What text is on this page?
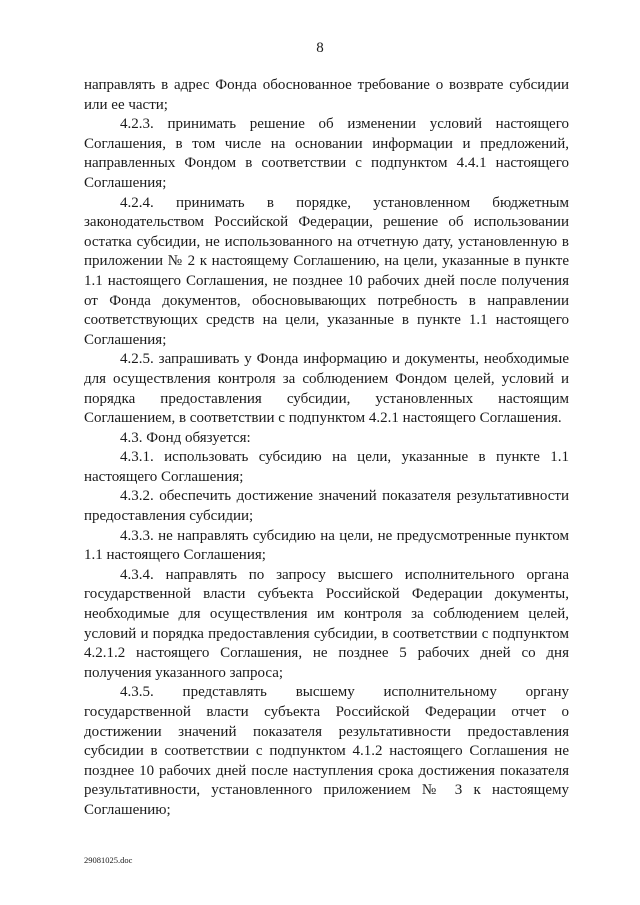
8

направлять в адрес Фонда обоснованное требование о возврате субсидии или ее части;

4.2.3. принимать решение об изменении условий настоящего Соглашения, в том числе на основании информации и предложений, направленных Фондом в соответствии с подпунктом 4.4.1 настоящего Соглашения;

4.2.4. принимать в порядке, установленном бюджетным законодательством Российской Федерации, решение об использовании остатка субсидии, не использованного на отчетную дату, установленную в приложении № 2 к настоящему Соглашению, на цели, указанные в пункте 1.1 настоящего Соглашения, не позднее 10 рабочих дней после получения от Фонда документов, обосновывающих потребность в направлении соответствующих средств на цели, указанные в пункте 1.1 настоящего Соглашения;

4.2.5. запрашивать у Фонда информацию и документы, необходимые для осуществления контроля за соблюдением Фондом целей, условий и порядка предоставления субсидии, установленных настоящим Соглашением, в соответствии с подпунктом 4.2.1 настоящего Соглашения.

4.3. Фонд обязуется:

4.3.1. использовать субсидию на цели, указанные в пункте 1.1 настоящего Соглашения;

4.3.2. обеспечить достижение значений показателя результативности предоставления субсидии;

4.3.3. не направлять субсидию на цели, не предусмотренные пунктом 1.1 настоящего Соглашения;

4.3.4. направлять по запросу высшего исполнительного органа государственной власти субъекта Российской Федерации документы, необходимые для осуществления им контроля за соблюдением целей, условий и порядка предоставления субсидии, в соответствии с подпунктом 4.2.1.2 настоящего Соглашения, не позднее 5 рабочих дней со дня получения указанного запроса;

4.3.5. представлять высшему исполнительному органу государственной власти субъекта Российской Федерации отчет о достижении значений показателя результативности предоставления субсидии в соответствии с подпунктом 4.1.2 настоящего Соглашения не позднее 10 рабочих дней после наступления срока достижения показателя результативности, установленного приложением № 3 к настоящему Соглашению;

29081025.doc
